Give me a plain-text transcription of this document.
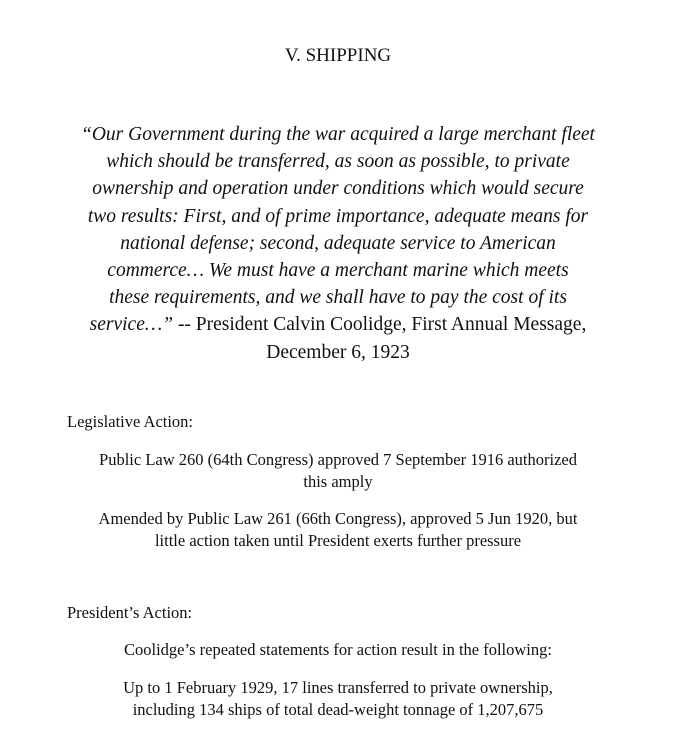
V. SHIPPING
“Our Government during the war acquired a large merchant fleet
which should be transferred, as soon as possible, to private
ownership and operation under conditions which would secure
two results: First, and of prime importance, adequate means for
national defense; second, adequate service to American
commerce… We must have a merchant marine which meets
these requirements, and we shall have to pay the cost of its
service…” -- President Calvin Coolidge, First Annual Message,
December 6, 1923
Legislative Action:
Public Law 260 (64th Congress) approved 7 September 1916 authorized
this amply
Amended by Public Law 261 (66th Congress), approved 5 Jun 1920, but
little action taken until President exerts further pressure
President’s Action:
Coolidge’s repeated statements for action result in the following:
Up to 1 February 1929, 17 lines transferred to private ownership,
including 134 ships of total dead-weight tonnage of 1,207,675
